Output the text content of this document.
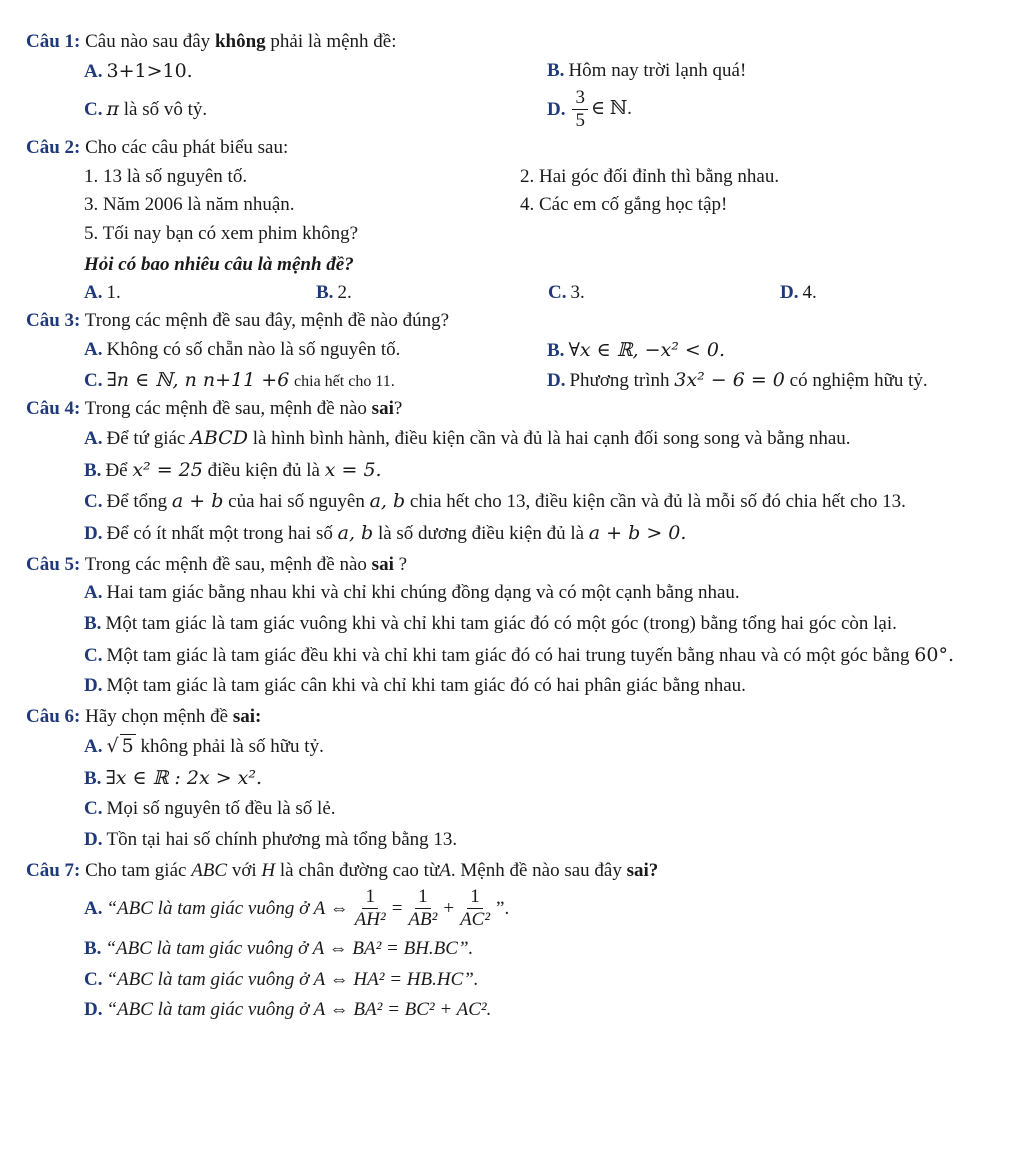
Câu 1: Câu nào sau đây không phải là mệnh đề:
A. 3+1>10.	B. Hôm nay trời lạnh quá!
C. π là số vô tỷ.	D. $\frac{3}{5}$ ∈ ℕ.
Câu 2: Cho các câu phát biểu sau:
1. 13 là số nguyên tố.	2. Hai góc đối đỉnh thì bằng nhau.
3. Năm 2006 là năm nhuận.	4. Các em cố gắng học tập!
5. Tối nay bạn có xem phim không?
Hỏi có bao nhiêu câu là mệnh đề?
A. 1.	B. 2.	C. 3.	D. 4.
Câu 3: Trong các mệnh đề sau đây, mệnh đề nào đúng?
A. Không có số chẵn nào là số nguyên tố.	B. ∀x ∈ ℝ, −x² < 0.
C. ∃n ∈ ℕ, n n+11 +6 chia hết cho 11.	D. Phương trình 3x² − 6 = 0 có nghiệm hữu tỷ.
Câu 4: Trong các mệnh đề sau, mệnh đề nào sai?
A. Để tứ giác ABCD là hình bình hành, điều kiện cần và đủ là hai cạnh đối song song và bằng nhau.
B. Để x² = 25 điều kiện đủ là x = 5.
C. Để tổng a + b của hai số nguyên a, b chia hết cho 13, điều kiện cần và đủ là mỗi số đó chia hết cho 13.
D. Để có ít nhất một trong hai số a, b là số dương điều kiện đủ là a + b > 0.
Câu 5: Trong các mệnh đề sau, mệnh đề nào sai ?
A. Hai tam giác bằng nhau khi và chỉ khi chúng đồng dạng và có một cạnh bằng nhau.
B. Một tam giác là tam giác vuông khi và chỉ khi tam giác đó có một góc (trong) bằng tổng hai góc còn lại.
C. Một tam giác là tam giác đều khi và chỉ khi tam giác đó có hai trung tuyến bằng nhau và có một góc bằng 60°.
D. Một tam giác là tam giác cân khi và chỉ khi tam giác đó có hai phân giác bằng nhau.
Câu 6: Hãy chọn mệnh đề sai:
A. √ 5 không phải là số hữu tỷ.
B. ∃x ∈ ℝ : 2x > x².
C. Mọi số nguyên tố đều là số lẻ.
D. Tồn tại hai số chính phương mà tổng bằng 13.
Câu 7: Cho tam giác ABC với H là chân đường cao từA. Mệnh đề nào sau đây sai?
A. “ABC là tam giác vuông ở A ⇔ $\frac{1}{\text{AH²}} = \frac{1}{\text{AB²}} + \frac{1}{\text{AC²}}$ ”.
B. “ABC là tam giác vuông ở A ⇔ BA² = BH.BC”.
C. “ABC là tam giác vuông ở A ⇔ HA² = HB.HC”.
D. “ABC là tam giác vuông ở A ⇔ BA² = BC² + AC².
